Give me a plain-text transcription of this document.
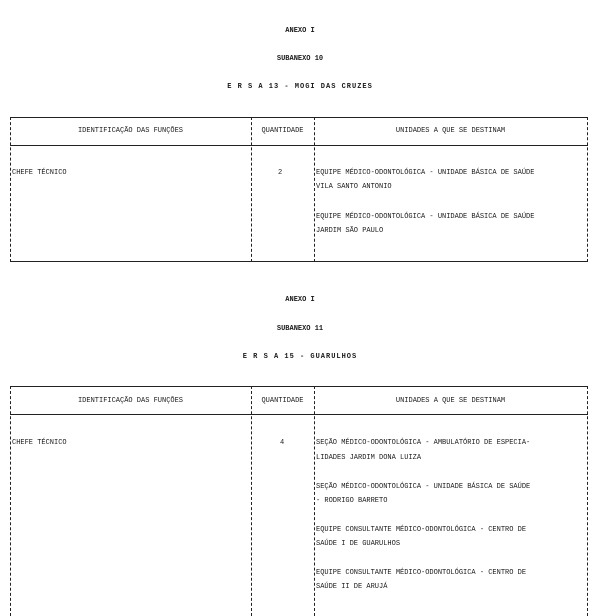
ANEXO I
SUBANEXO 10
E R S A 13 - MOGI DAS CRUZES
IDENTIFICAÇÃO DAS FUNÇÕES	QUANTIDADE	UNIDADES A QUE SE DESTINAM
CHEFE TÉCNICO	2	EQUIPE MÉDICO-ODONTOLÓGICA - UNIDADE BÁSICA DE SAÚDE
VILA SANTO ANTONIO
EQUIPE MÉDICO-ODONTOLÓGICA - UNIDADE BÁSICA DE SAÚDE
JARDIM SÃO PAULO
ANEXO I
SUBANEXO 11
E R S A 15 - GUARULHOS
IDENTIFICAÇÃO DAS FUNÇÕES	QUANTIDADE	UNIDADES A QUE SE DESTINAM
CHEFE TÉCNICO	4	SEÇÃO MÉDICO-ODONTOLÓGICA - AMBULATÓRIO DE ESPECIA-
LIDADES JARDIM DONA LUIZA
SEÇÃO MÉDICO-ODONTOLÓGICA - UNIDADE BÁSICA DE SAÚDE
- RODRIGO BARRETO
EQUIPE CONSULTANTE MÉDICO-ODONTOLÓGICA - CENTRO DE
SAÚDE I DE GUARULHOS
EQUIPE CONSULTANTE MÉDICO-ODONTOLÓGICA - CENTRO DE
SAÚDE II DE ARUJÁ
